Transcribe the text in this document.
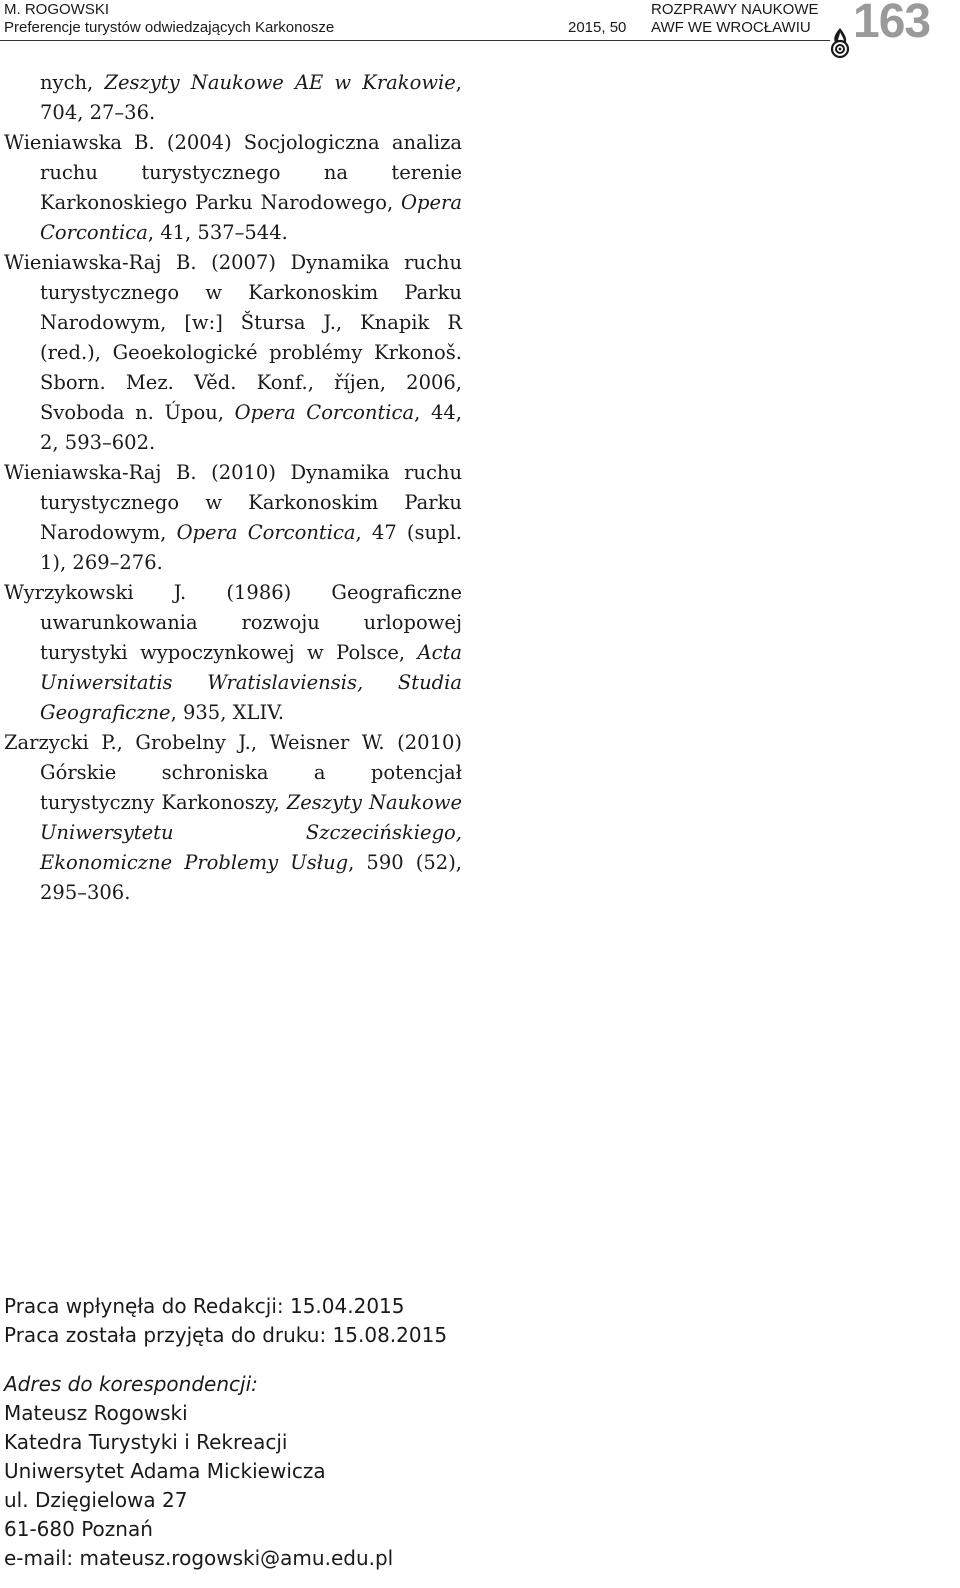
M. ROGOWSKI
Preferencje turystów odwiedzających Karkonosze	2015, 50
ROZPRAWY NAUKOWE
AWF WE WROCŁAWIU 163

nych, Zeszyty Naukowe AE w Krakowie, 704, 27–36.

Wieniawska B. (2004) Socjologiczna analiza ruchu turystycznego na terenie Karkonoskiego Parku Narodowego, Opera Corcontica, 41, 537–544.

Wieniawska-Raj B. (2007) Dynamika ruchu turystycznego w Karkonoskim Parku Narodowym, [w:] Štursa J., Knapik R (red.), Geoekologické problémy Krkonoš. Sborn. Mez. Věd. Konf., říjen, 2006, Svoboda n. Úpou, Opera Corcontica, 44, 2, 593–602.

Wieniawska-Raj B. (2010) Dynamika ruchu turystycznego w Karkonoskim Parku Narodowym, Opera Corcontica, 47 (supl. 1), 269–276.

Wyrzykowski J. (1986) Geograficzne uwarunkowania rozwoju urlopowej turystyki wypoczynkowej w Polsce, Acta Uniwersitatis Wratislaviensis, Studia Geograficzne, 935, XLIV.

Zarzycki P., Grobelny J., Weisner W. (2010) Górskie schroniska a potencjał turystyczny Karkonoszy, Zeszyty Naukowe Uniwersytetu Szczecińskiego, Ekonomiczne Problemy Usług, 590 (52), 295–306.

Praca wpłynęła do Redakcji: 15.04.2015

Praca została przyjęta do druku: 15.08.2015

Adres do korespondencji:

Mateusz Rogowski

Katedra Turystyki i Rekreacji

Uniwersytet Adama Mickiewicza

ul. Dzięgielowa 27

61-680 Poznań

e-mail: mateusz.rogowski@amu.edu.pl
